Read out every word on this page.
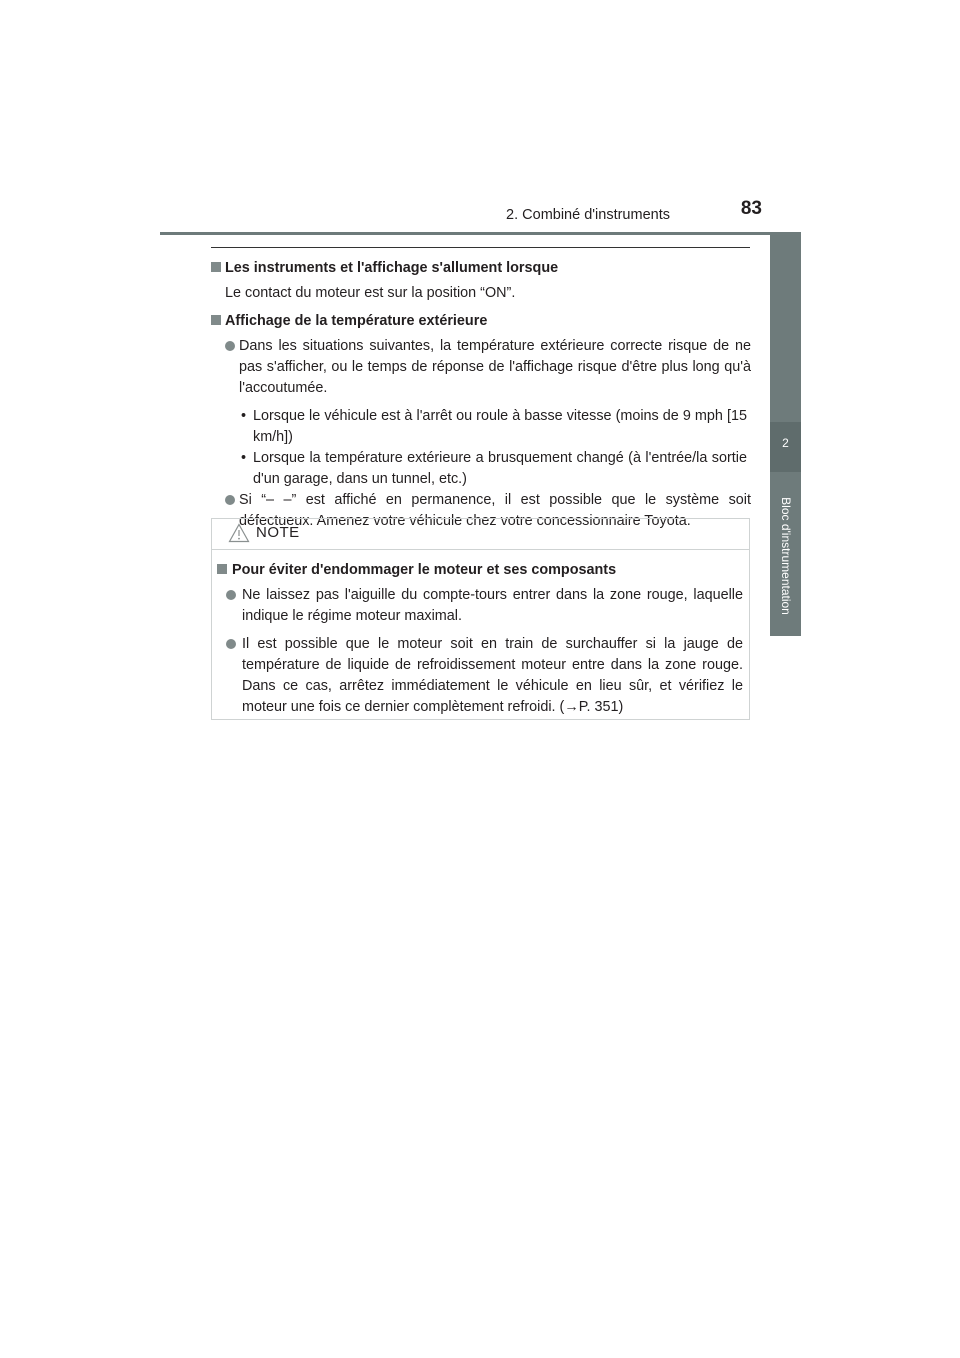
2. Combiné d'instruments	83
2
Bloc d'instrumentation
Les instruments et l'affichage s'allument lorsque
Le contact du moteur est sur la position “ON”.
Affichage de la température extérieure
Dans les situations suivantes, la température extérieure correcte risque de ne pas s'afficher, ou le temps de réponse de l'affichage risque d'être plus long qu'à l'accoutumée.
• Lorsque le véhicule est à l'arrêt ou roule à basse vitesse (moins de 9 mph [15 km/h])
• Lorsque la température extérieure a brusquement changé (à l'entrée/la sortie d'un garage, dans un tunnel, etc.)
Si “– –” est affiché en permanence, il est possible que le système soit défectueux. Amenez votre véhicule chez votre concessionnaire Toyota.
NOTE
Pour éviter d'endommager le moteur et ses composants
Ne laissez pas l'aiguille du compte-tours entrer dans la zone rouge, laquelle indique le régime moteur maximal.
Il est possible que le moteur soit en train de surchauffer si la jauge de température de liquide de refroidissement moteur entre dans la zone rouge. Dans ce cas, arrêtez immédiatement le véhicule en lieu sûr, et vérifiez le moteur une fois ce dernier complètement refroidi. (→P. 351)
